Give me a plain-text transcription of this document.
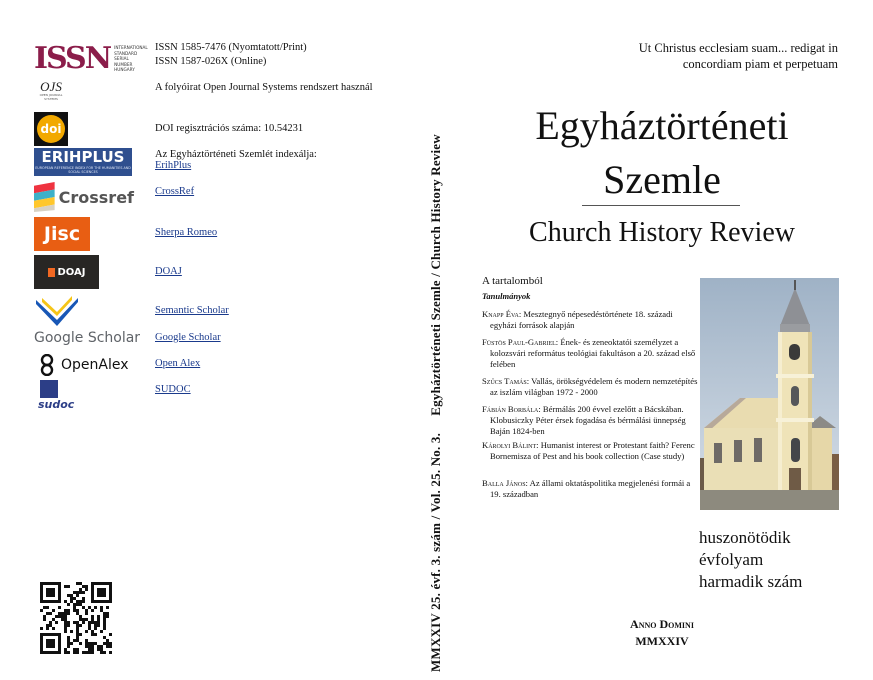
ISSN INTERNATIONAL
STANDARD
SERIAL
NUMBER
HUNGARY
ISSN 1585-7476 (Nyomtatott/Print)
ISSN 1587-026X (Online)
OJS
OPEN JOURNAL SYSTEMS
A folyóirat Open Journal Systems rendszert használ
doi	DOI regisztrációs száma: 10.54231
ERIHPLUS
EUROPEAN REFERENCE INDEX FOR THE HUMANITIES AND SOCIAL SCIENCES
Az Egyháztörténeti Szemlét indexálja:
ErihPlus
Crossref CrossRef
Jisc	Sherpa Romeo
DOAJ	DOAJ
Semantic Scholar
Google Scholar	Google Scholar
OpenAlex	Open Alex
sudoc
SUDOC	MMXXIV 25. évf. 3. szám / Vol. 25. No. 3.     Egyháztörténeti Szemle / Church History Review
Ut Christus ecclesiam suam... redigat in
concordiam piam et perpetuam
Egyháztörténeti
Szemle
Church History Review
A tartalomból
Tanulmányok
Knapp Éva: Mesztegnyő népesedéstörténete 18. századi egyházi források alapján
Füstös Paul-Gabriel: Ének- és zeneoktatói személyzet a kolozsvári református teológiai fakultáson a 20. század első felében
Szűcs Tamás: Vallás, örökségvédelem és modern nemzetépítés az iszlám világban 1972 - 2000
Fábián Borbála: Bérmálás 200 évvel ezelőtt a Bácskában. Klobusiczky Péter érsek fogadása és bérmálási ünnepség Baján 1824-ben
Károlyi Bálint: Humanist interest or Protestant faith? Ferenc Bornemisza of Pest and his book collection (Case study)
Balla János: Az állami oktatáspolitika megjelenési formái a 19. században
huszonötödik
évfolyam
harmadik szám
Anno Domini
MMXXIV
